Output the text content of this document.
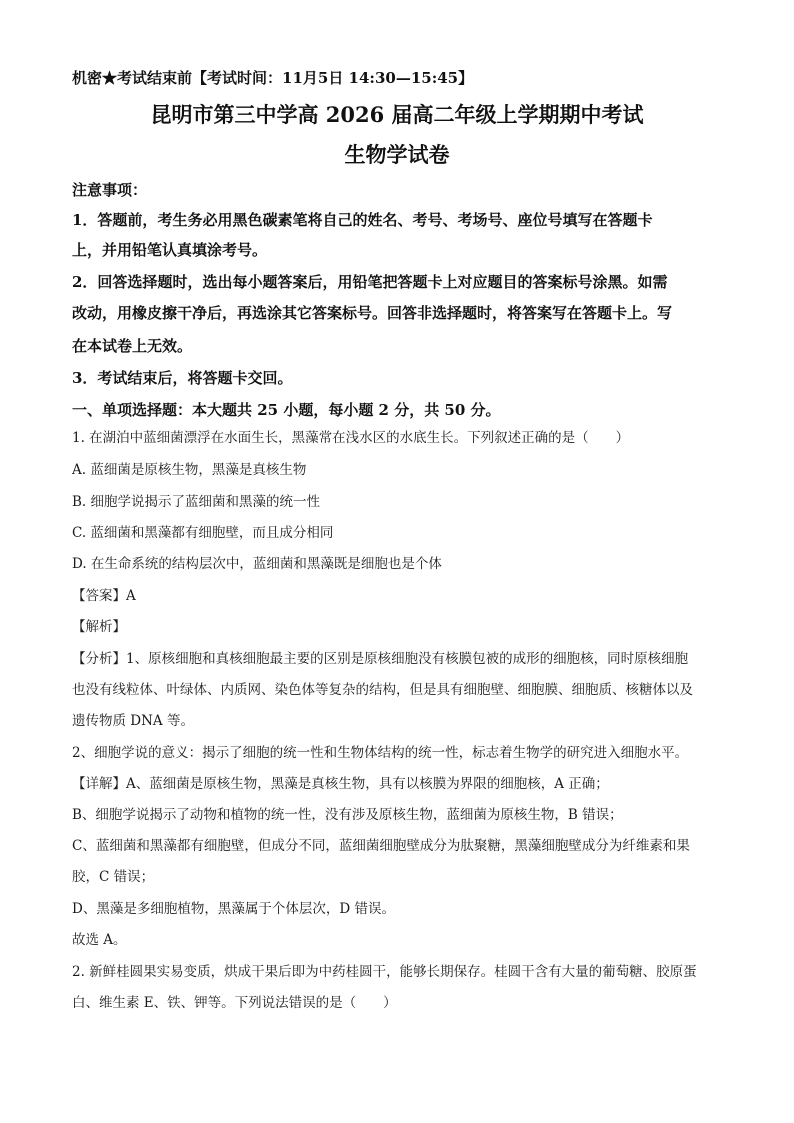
机密★考试结束前【考试时间：11月5日 14:30—15:45】
昆明市第三中学高 2026 届高二年级上学期期中考试
生物学试卷
注意事项：
1．答题前，考生务必用黑色碳素笔将自己的姓名、考号、考场号、座位号填写在答题卡
上，并用铅笔认真填涂考号。
2．回答选择题时，选出每小题答案后，用铅笔把答题卡上对应题目的答案标号涂黑。如需
改动，用橡皮擦干净后，再选涂其它答案标号。回答非选择题时，将答案写在答题卡上。写
在本试卷上无效。
3．考试结束后，将答题卡交回。
一、单项选择题：本大题共 25 小题，每小题 2 分，共 50 分。
1. 在湖泊中蓝细菌漂浮在水面生长，黑藻常在浅水区的水底生长。下列叙述正确的是（　　）
A. 蓝细菌是原核生物，黑藻是真核生物
B. 细胞学说揭示了蓝细菌和黑藻的统一性
C. 蓝细菌和黑藻都有细胞壁，而且成分相同
D. 在生命系统的结构层次中，蓝细菌和黑藻既是细胞也是个体
【答案】A
【解析】
【分析】1、原核细胞和真核细胞最主要的区别是原核细胞没有核膜包被的成形的细胞核，同时原核细胞
也没有线粒体、叶绿体、内质网、染色体等复杂的结构，但是具有细胞壁、细胞膜、细胞质、核糖体以及
遗传物质 DNA 等。
2、细胞学说的意义：揭示了细胞的统一性和生物体结构的统一性，标志着生物学的研究进入细胞水平。
【详解】A、蓝细菌是原核生物，黑藻是真核生物，具有以核膜为界限的细胞核，A 正确；
B、细胞学说揭示了动物和植物的统一性，没有涉及原核生物，蓝细菌为原核生物，B 错误；
C、蓝细菌和黑藻都有细胞壁，但成分不同，蓝细菌细胞壁成分为肽聚糖，黑藻细胞壁成分为纤维素和果
胶，C 错误；
D、黑藻是多细胞植物，黑藻属于个体层次，D 错误。
故选 A。
2. 新鲜桂圆果实易变质，烘成干果后即为中药桂圆干，能够长期保存。桂圆干含有大量的葡萄糖、胶原蛋
白、维生素 E、铁、钾等。下列说法错误的是（　　）
